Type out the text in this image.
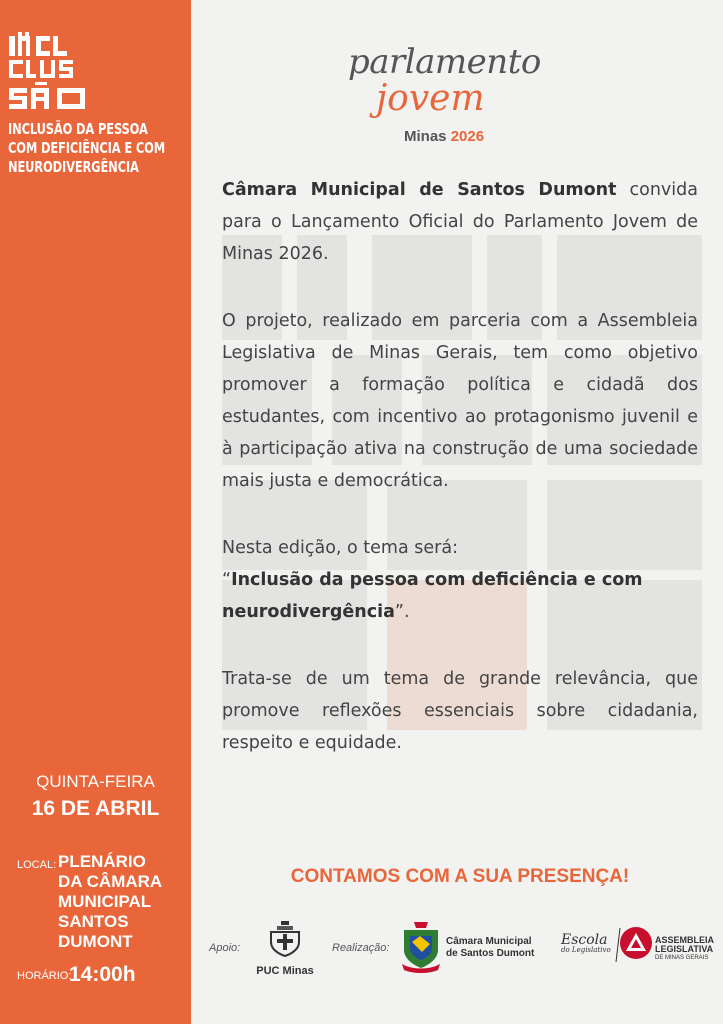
INCLUSÃO DA PESSOA
COM DEFICIÊNCIA E COM
NEURODIVERGÊNCIA
QUINTA-FEIRA
16 DE ABRIL
LOCAL: PLENÁRIO
DA CÂMARA
MUNICIPAL
SANTOS
DUMONT
HORÁRIO:
14:00h
parlamento
jovem
Minas 2026

Câmara Municipal de Santos Dumont convida para o Lançamento Oficial do Parlamento Jovem de Minas 2026.

O projeto, realizado em parceria com a Assembleia Legislativa de Minas Gerais, tem como objetivo promover a formação política e cidadã dos estudantes, com incentivo ao protagonismo juvenil e à participação ativa na construção de uma sociedade mais justa e democrática.

Nesta edição, o tema será:

“Inclusão da pessoa com deficiência e com neurodivergência”.

Trata-se de um tema de grande relevância, que promove reflexões essenciais sobre cidadania, respeito e equidade.

CONTAMOS COM A SUA PRESENÇA!
Apoio:
PUC Minas
Realização:
Câmara Municipal
de Santos Dumont
Escola
do Legislativo
ASSEMBLEIA
LEGISLATIVA
DE MINAS GERAIS
